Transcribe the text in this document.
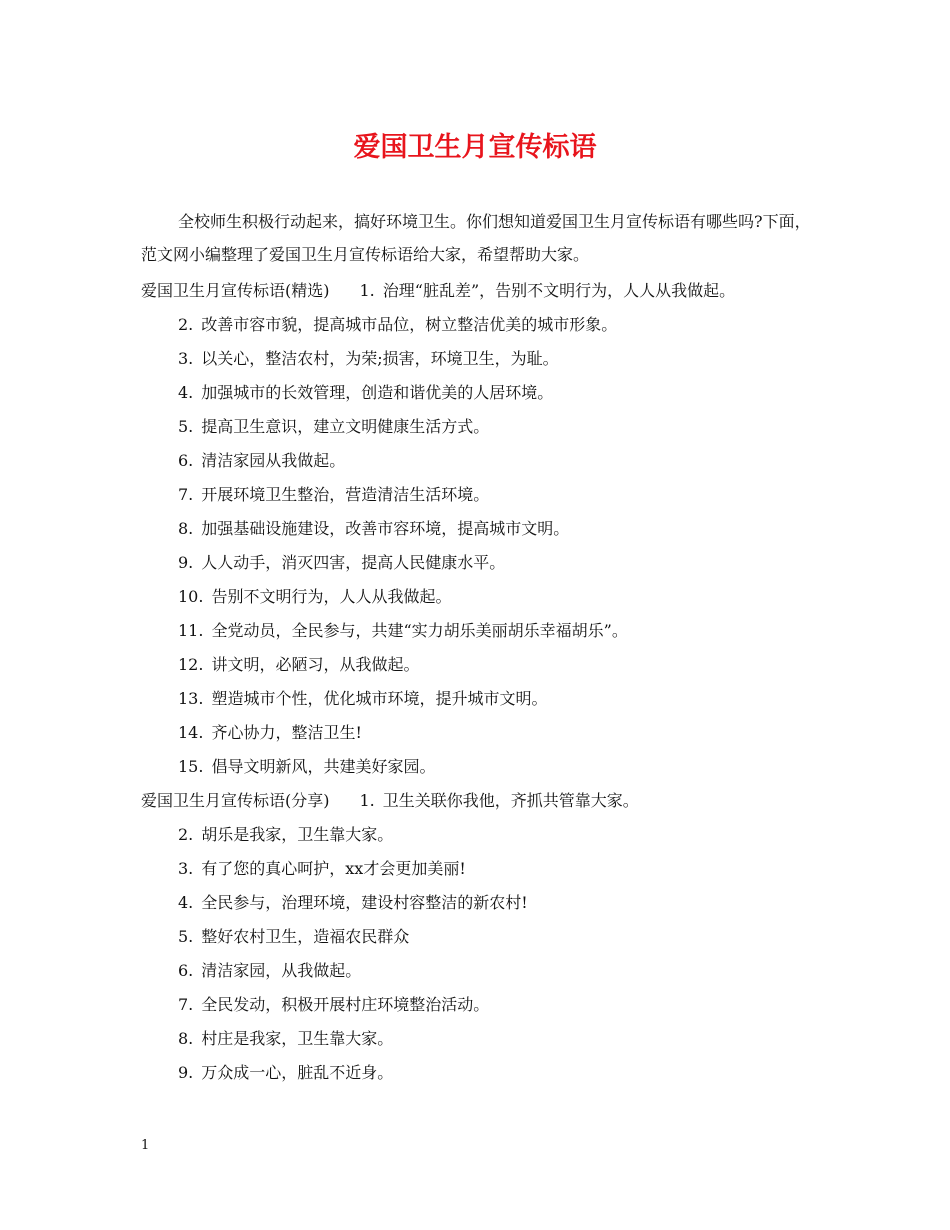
爱国卫生月宣传标语
全校师生积极行动起来，搞好环境卫生。你们想知道爱国卫生月宣传标语有哪些吗?下面，范文网小编整理了爱国卫生月宣传标语给大家，希望帮助大家。
爱国卫生月宣传标语(精选) 1. 治理“脏乱差”，告别不文明行为，人人从我做起。
2. 改善市容市貌，提高城市品位，树立整洁优美的城市形象。
3. 以关心，整洁农村，为荣;损害，环境卫生，为耻。
4. 加强城市的长效管理，创造和谐优美的人居环境。
5. 提高卫生意识，建立文明健康生活方式。
6. 清洁家园从我做起。
7. 开展环境卫生整治，营造清洁生活环境。
8. 加强基础设施建设，改善市容环境，提高城市文明。
9. 人人动手，消灭四害，提高人民健康水平。
10. 告别不文明行为，人人从我做起。
11. 全党动员，全民参与，共建“实力胡乐美丽胡乐幸福胡乐”。
12. 讲文明，必陋习，从我做起。
13. 塑造城市个性，优化城市环境，提升城市文明。
14. 齐心协力，整洁卫生!
15. 倡导文明新风，共建美好家园。
爱国卫生月宣传标语(分享) 1. 卫生关联你我他，齐抓共管靠大家。
2. 胡乐是我家，卫生靠大家。
3. 有了您的真心呵护，xx才会更加美丽!
4. 全民参与，治理环境，建设村容整洁的新农村!
5. 整好农村卫生，造福农民群众
6. 清洁家园，从我做起。
7. 全民发动，积极开展村庄环境整治活动。
8. 村庄是我家，卫生靠大家。
9. 万众成一心，脏乱不近身。
1
